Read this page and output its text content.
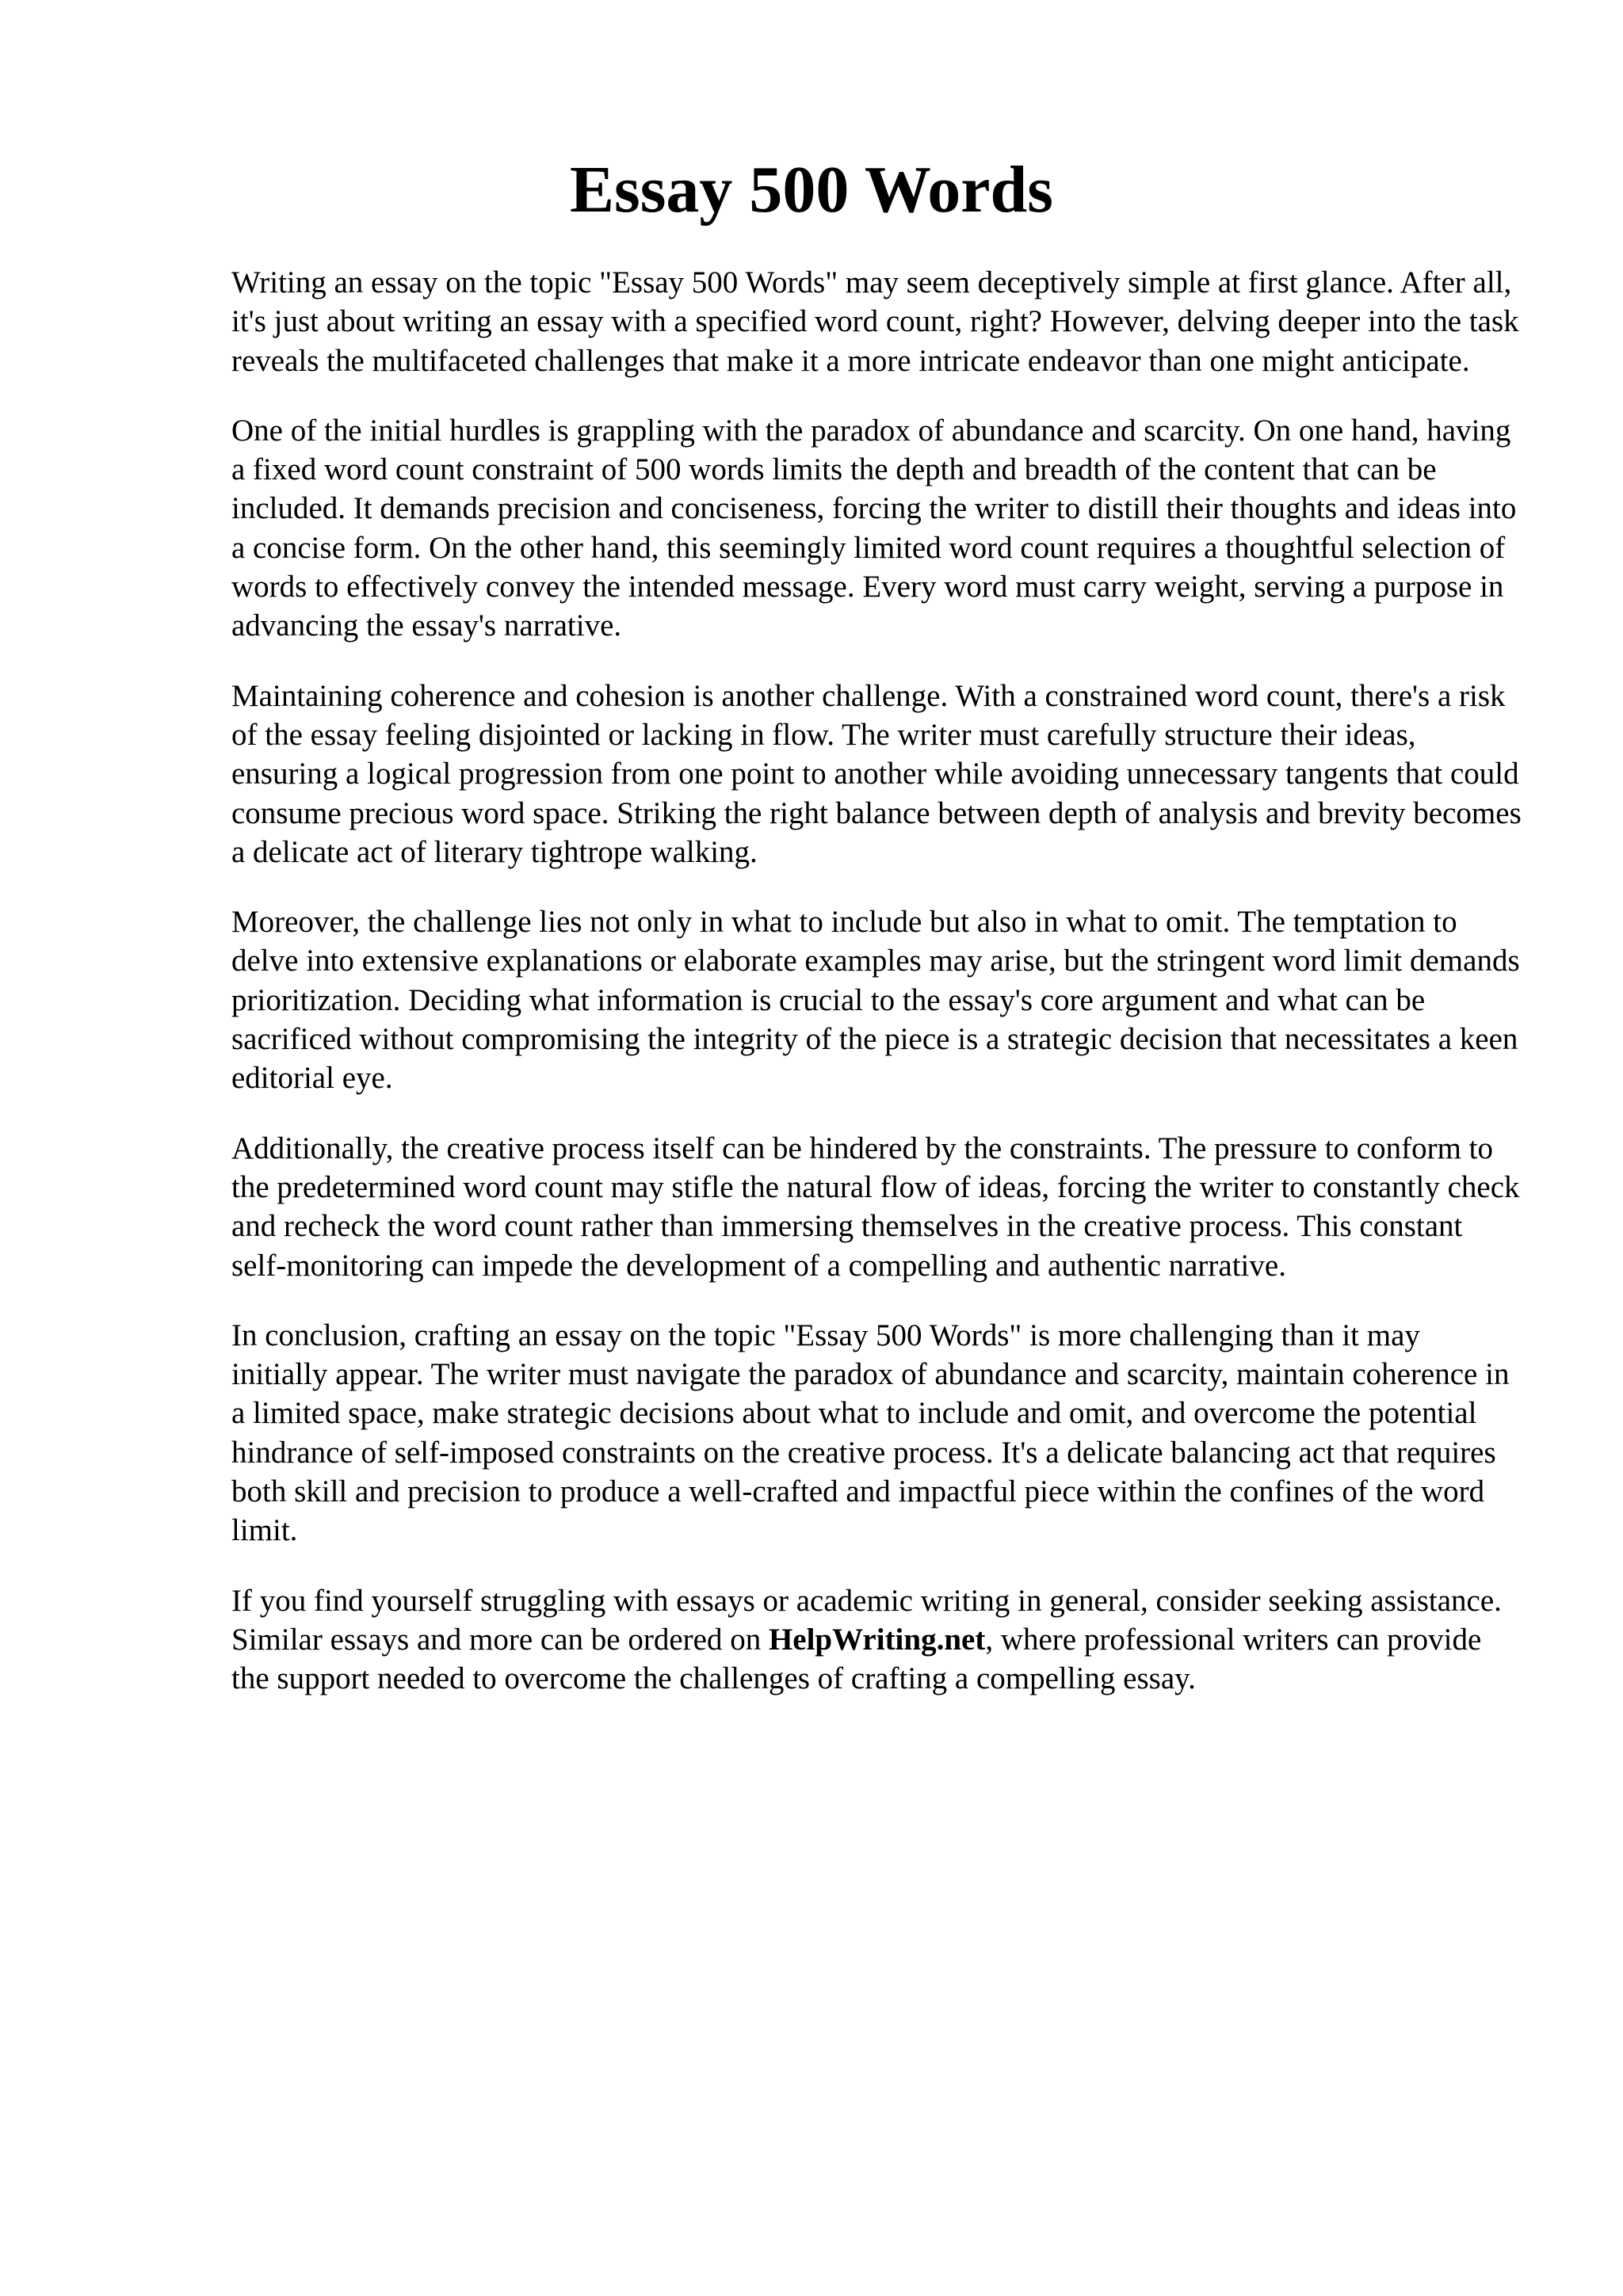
Essay 500 Words

Writing an essay on the topic "Essay 500 Words" may seem deceptively simple at first glance. After all, it's just about writing an essay with a specified word count, right? However, delving deeper into the task reveals the multifaceted challenges that make it a more intricate endeavor than one might anticipate.

One of the initial hurdles is grappling with the paradox of abundance and scarcity. On one hand, having a fixed word count constraint of 500 words limits the depth and breadth of the content that can be included. It demands precision and conciseness, forcing the writer to distill their thoughts and ideas into a concise form. On the other hand, this seemingly limited word count requires a thoughtful selection of words to effectively convey the intended message. Every word must carry weight, serving a purpose in advancing the essay's narrative.

Maintaining coherence and cohesion is another challenge. With a constrained word count, there's a risk of the essay feeling disjointed or lacking in flow. The writer must carefully structure their ideas, ensuring a logical progression from one point to another while avoiding unnecessary tangents that could consume precious word space. Striking the right balance between depth of analysis and brevity becomes a delicate act of literary tightrope walking.

Moreover, the challenge lies not only in what to include but also in what to omit. The temptation to delve into extensive explanations or elaborate examples may arise, but the stringent word limit demands prioritization. Deciding what information is crucial to the essay's core argument and what can be sacrificed without compromising the integrity of the piece is a strategic decision that necessitates a keen editorial eye.

Additionally, the creative process itself can be hindered by the constraints. The pressure to conform to the predetermined word count may stifle the natural flow of ideas, forcing the writer to constantly check and recheck the word count rather than immersing themselves in the creative process. This constant self-monitoring can impede the development of a compelling and authentic narrative.

In conclusion, crafting an essay on the topic "Essay 500 Words" is more challenging than it may initially appear. The writer must navigate the paradox of abundance and scarcity, maintain coherence in a limited space, make strategic decisions about what to include and omit, and overcome the potential hindrance of self-imposed constraints on the creative process. It's a delicate balancing act that requires both skill and precision to produce a well-crafted and impactful piece within the confines of the word limit.

If you find yourself struggling with essays or academic writing in general, consider seeking assistance. Similar essays and more can be ordered on HelpWriting.net, where professional writers can provide the support needed to overcome the challenges of crafting a compelling essay.
